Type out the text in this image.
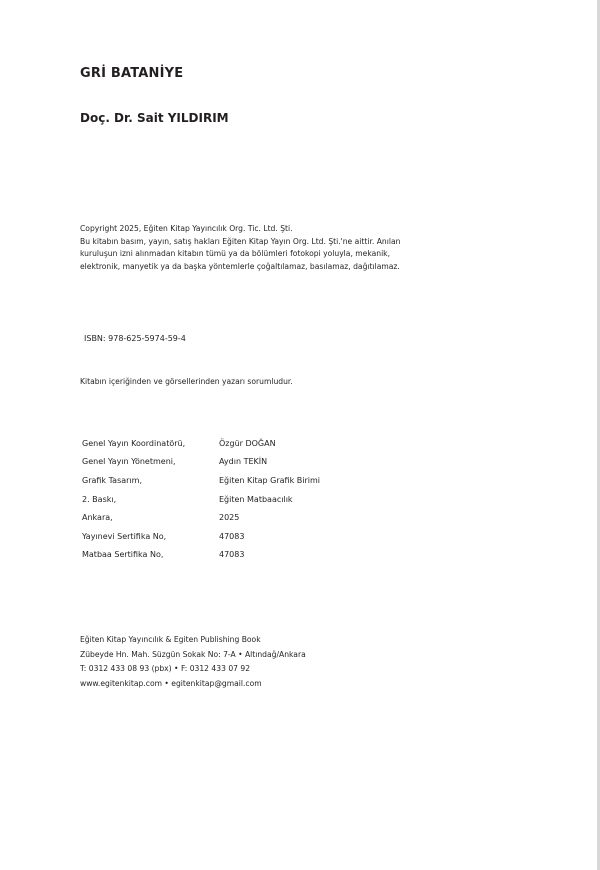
GRİ BATANİYE
Doç. Dr. Sait YILDIRIM
Copyright 2025, Eğiten Kitap Yayıncılık Org. Tic. Ltd. Şti.
Bu kitabın basım, yayın, satış hakları Eğiten Kitap Yayın Org. Ltd. Şti.'ne aittir. Anılan
kuruluşun izni alınmadan kitabın tümü ya da bölümleri fotokopi yoluyla, mekanik,
elektronik, manyetik ya da başka yöntemlerle çoğaltılamaz, basılamaz, dağıtılamaz.
ISBN: 978-625-5974-59-4
Kitabın içeriğinden ve görsellerinden yazarı sorumludur.
Genel Yayın Koordinatörü,	Özgür DOĞAN
Genel Yayın Yönetmeni,	Aydın TEKİN
Grafik Tasarım,	Eğiten Kitap Grafik Birimi
2. Baskı,	Eğiten Matbaacılık
Ankara,	2025
Yayınevi Sertifika No,	47083
Matbaa Sertifika No,	47083
Eğiten Kitap Yayıncılık & Egiten Publishing Book
Zübeyde Hn. Mah. Süzgün Sokak No: 7-A • Altındağ/Ankara
T: 0312 433 08 93 (pbx) • F: 0312 433 07 92
www.egitenkitap.com • egitenkitap@gmail.com
